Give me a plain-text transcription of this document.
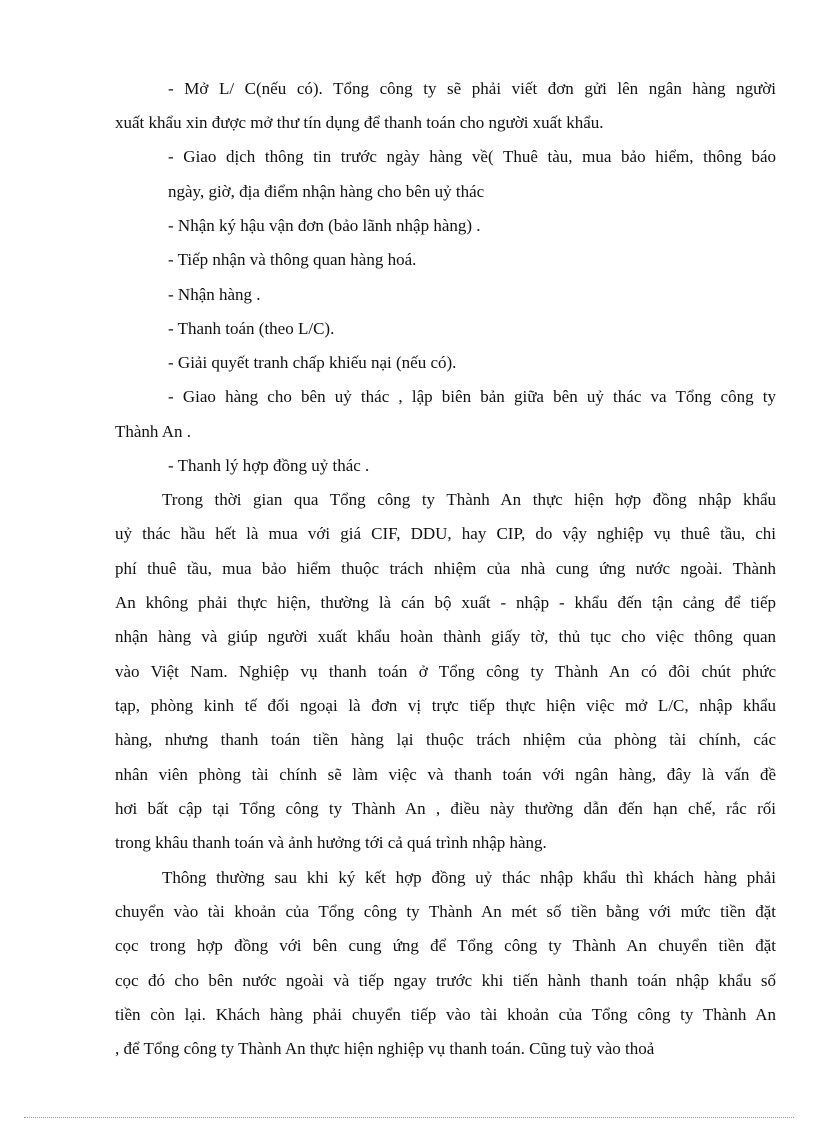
- Mở L/ C(nếu có). Tổng công ty sẽ phải viết đơn gửi lên ngân hàng người
xuất khẩu xin được mở thư tín dụng để thanh toán cho người xuất khẩu.
- Giao dịch thông tin trước ngày hàng về( Thuê tàu, mua bảo hiểm, thông báo
ngày, giờ, địa điểm nhận hàng cho bên uỷ thác
- Nhận ký hậu vận đơn (bảo lãnh nhập hàng) .
- Tiếp nhận và thông quan hàng hoá.
- Nhận hàng .
- Thanh toán (theo L/C).
- Giải quyết tranh chấp khiếu nại (nếu có).
- Giao hàng cho bên uỷ thác , lập biên bản giữa bên uỷ thác va Tổng công ty
Thành An .
- Thanh lý hợp đồng uỷ thác .
Trong thời gian qua Tổng công ty Thành An thực hiện hợp đồng nhập khẩu
uỷ thác hầu hết là mua với giá CIF, DDU, hay CIP, do vậy nghiệp vụ thuê tầu, chi
phí thuê tầu, mua bảo hiểm thuộc trách nhiệm của nhà cung ứng nước ngoài. Thành
An không phải thực hiện, thường là cán bộ xuất - nhập - khẩu đến tận cảng để tiếp
nhận hàng và giúp người xuất khẩu hoàn thành giấy tờ, thủ tục cho việc thông quan
vào Việt Nam. Nghiệp vụ thanh toán ở Tổng công ty Thành An có đôi chút phức
tạp, phòng kinh tế đối ngoại là đơn vị trực tiếp thực hiện việc mở L/C, nhập khẩu
hàng, nhưng thanh toán tiền hàng lại thuộc trách nhiệm của phòng tài chính, các
nhân viên phòng tài chính sẽ làm việc và thanh toán với ngân hàng, đây là vấn đề
hơi bất cập tại Tổng công ty Thành An , điều này thường dẫn đến hạn chế, rắc rối
trong khâu thanh toán và ảnh hưởng tới cả quá trình nhập hàng.
Thông thường sau khi ký kết hợp đồng uỷ thác nhập khẩu thì khách hàng phải
chuyển vào tài khoản của Tổng công ty Thành An mét số tiền bằng với mức tiền đặt
cọc trong hợp đồng với bên cung ứng để Tổng công ty Thành An chuyển tiền đặt
cọc đó cho bên nước ngoài và tiếp ngay trước khi tiến hành thanh toán nhập khẩu số
tiền còn lại. Khách hàng phải chuyển tiếp vào tài khoản của Tổng công ty Thành An
, để Tổng công ty Thành An thực hiện nghiệp vụ thanh toán. Cũng tuỳ vào thoả
